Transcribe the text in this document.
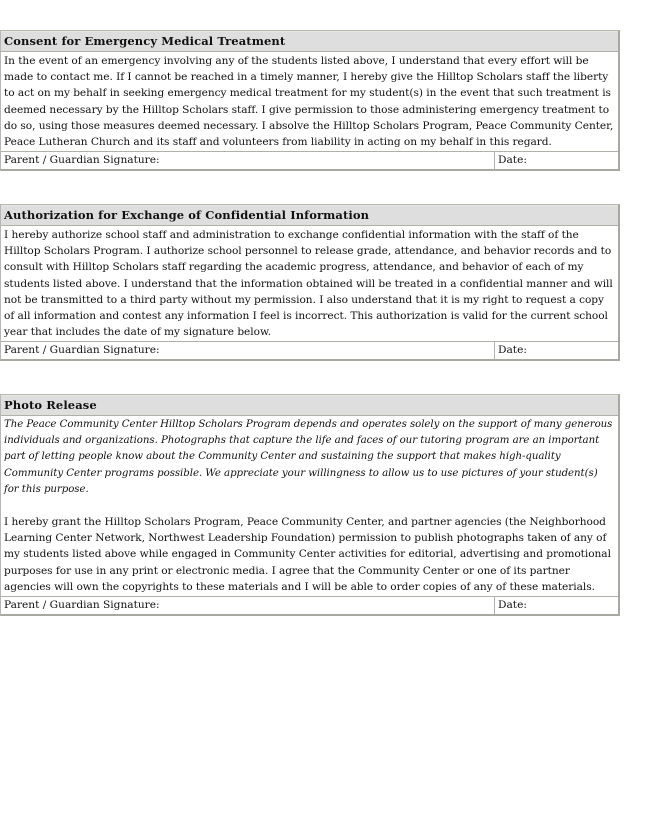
Consent for Emergency Medical Treatment

In the event of an emergency involving any of the students listed above, I understand that every effort will be made to contact me. If I cannot be reached in a timely manner, I hereby give the Hilltop Scholars staff the liberty to act on my behalf in seeking emergency medical treatment for my student(s) in the event that such treatment is deemed necessary by the Hilltop Scholars staff. I give permission to those administering emergency treatment to do so, using those measures deemed necessary. I absolve the Hilltop Scholars Program, Peace Community Center, Peace Lutheran Church and its staff and volunteers from liability in acting on my behalf in this regard.

Parent / Guardian Signature:	Date:
Authorization for Exchange of Confidential Information

I hereby authorize school staff and administration to exchange confidential information with the staff of the Hilltop Scholars Program. I authorize school personnel to release grade, attendance, and behavior records and to consult with Hilltop Scholars staff regarding the academic progress, attendance, and behavior of each of my students listed above. I understand that the information obtained will be treated in a confidential manner and will not be transmitted to a third party without my permission. I also understand that it is my right to request a copy of all information and contest any information I feel is incorrect. This authorization is valid for the current school year that includes the date of my signature below.

Parent / Guardian Signature:	Date:
Photo Release

The Peace Community Center Hilltop Scholars Program depends and operates solely on the support of many generous individuals and organizations. Photographs that capture the life and faces of our tutoring program are an important part of letting people know about the Community Center and sustaining the support that makes high-quality Community Center programs possible. We appreciate your willingness to allow us to use pictures of your student(s) for this purpose.

I hereby grant the Hilltop Scholars Program, Peace Community Center, and partner agencies (the Neighborhood Learning Center Network, Northwest Leadership Foundation) permission to publish photographs taken of any of my students listed above while engaged in Community Center activities for editorial, advertising and promotional purposes for use in any print or electronic media. I agree that the Community Center or one of its partner agencies will own the copyrights to these materials and I will be able to order copies of any of these materials.

Parent / Guardian Signature:	Date:
